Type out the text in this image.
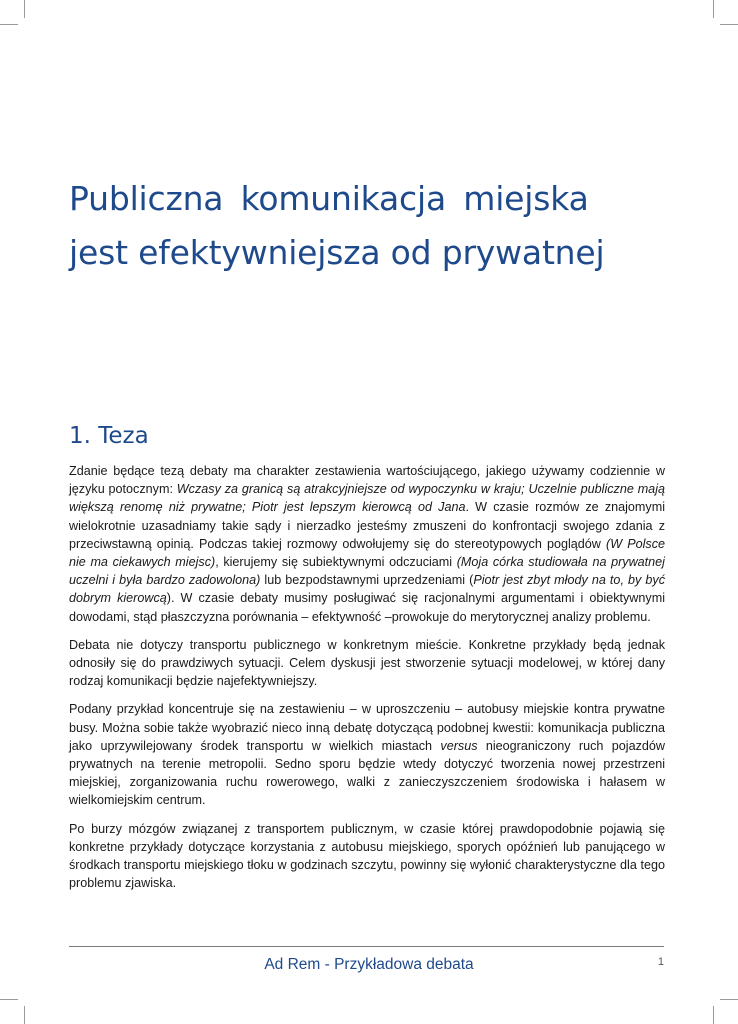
Publiczna komunikacja miejska
jest efektywniejsza od prywatnej
1. Teza

Zdanie będące tezą debaty ma charakter zestawienia wartościującego, jakiego używamy codziennie w języku potocznym: Wczasy za granicą są atrakcyjniejsze od wypoczynku w kraju; Uczelnie publiczne mają większą renomę niż prywatne; Piotr jest lepszym kierowcą od Jana. W czasie rozmów ze znajomymi wielokrotnie uzasadniamy takie sądy i nierzadko jesteśmy zmuszeni do konfrontacji swojego zdania z przeciwstawną opinią. Podczas takiej rozmowy odwołujemy się do stereotypowych poglądów (W Polsce nie ma ciekawych miejsc), kierujemy się subiektywnymi odczuciami (Moja córka studiowała na prywatnej uczelni i była bardzo zadowolona) lub bezpodstawnymi uprzedzeniami (Piotr jest zbyt młody na to, by być dobrym kierowcą). W czasie debaty musimy posługiwać się racjonalnymi argumentami i obiektywnymi dowodami, stąd płaszczyzna porównania – efektywność –prowokuje do merytorycznej analizy problemu.

Debata nie dotyczy transportu publicznego w konkretnym mieście. Konkretne przykłady będą jednak odnosiły się do prawdziwych sytuacji. Celem dyskusji jest stworzenie sytuacji modelowej, w której dany rodzaj komunikacji będzie najefektywniejszy.

Podany przykład koncentruje się na zestawieniu – w uproszczeniu – autobusy miejskie kontra prywatne busy. Można sobie także wyobrazić nieco inną debatę dotyczącą podobnej kwestii: komunikacja publiczna jako uprzywilejowany środek transportu w wielkich miastach versus nieograniczony ruch pojazdów prywatnych na terenie metropolii. Sedno sporu będzie wtedy dotyczyć tworzenia nowej przestrzeni miejskiej, zorganizowania ruchu rowerowego, walki z zanieczyszczeniem środowiska i hałasem w wielkomiejskim centrum.

Po burzy mózgów związanej z transportem publicznym, w czasie której prawdopodobnie pojawią się konkretne przykłady dotyczące korzystania z autobusu miejskiego, sporych opóźnień lub panującego w środkach transportu miejskiego tłoku w godzinach szczytu, powinny się wyłonić charakterystyczne dla tego problemu zjawiska.

Ad Rem - Przykładowa debata	1
